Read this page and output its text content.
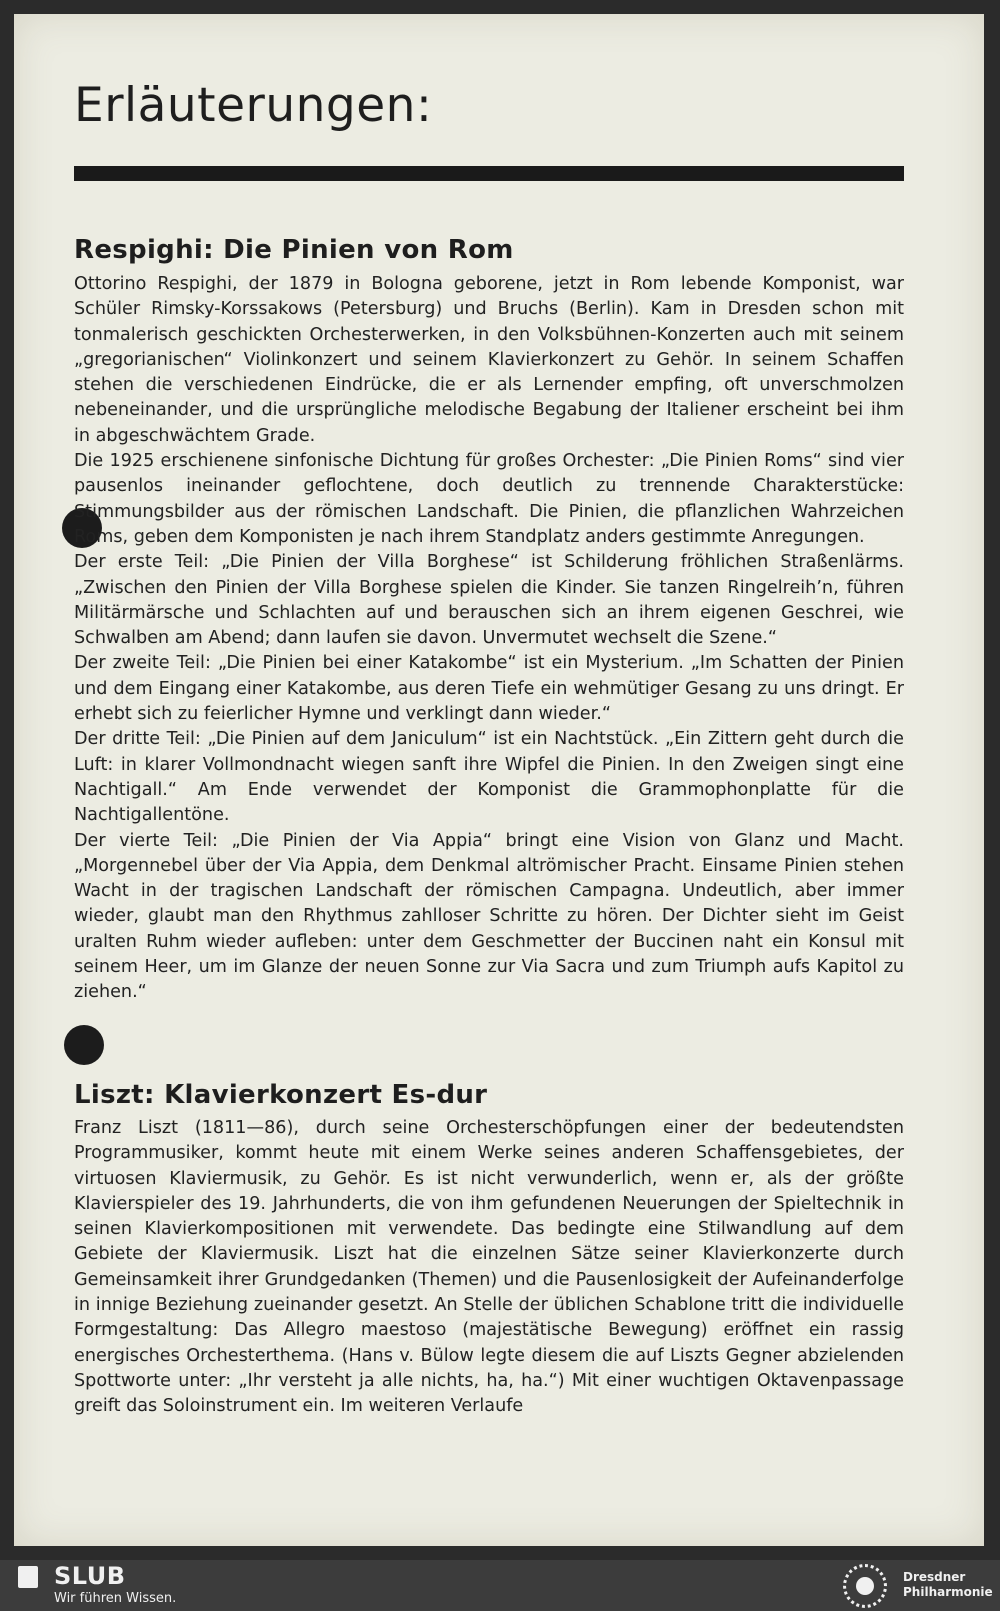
Erläuterungen:
Respighi: Die Pinien von Rom

Ottorino Respighi, der 1879 in Bologna geborene, jetzt in Rom lebende Komponist, war Schüler Rimsky-Korssakows (Petersburg) und Bruchs (Berlin). Kam in Dresden schon mit tonmalerisch geschickten Orchesterwerken, in den Volksbühnen-Konzerten auch mit seinem „gregorianischen“ Violinkonzert und seinem Klavierkonzert zu Gehör. In seinem Schaffen stehen die verschiedenen Eindrücke, die er als Lernender empfing, oft unverschmolzen nebeneinander, und die ursprüngliche melodische Begabung der Italiener erscheint bei ihm in abgeschwächtem Grade.

Die 1925 erschienene sinfonische Dichtung für großes Orchester: „Die Pinien Roms“ sind vier pausenlos ineinander geflochtene, doch deutlich zu trennende Charakterstücke: Stimmungsbilder aus der römischen Landschaft. Die Pinien, die pflanzlichen Wahrzeichen Roms, geben dem Komponisten je nach ihrem Standplatz anders gestimmte Anregungen.

Der erste Teil: „Die Pinien der Villa Borghese“ ist Schilderung fröhlichen Straßenlärms. „Zwischen den Pinien der Villa Borghese spielen die Kinder. Sie tanzen Ringelreih’n, führen Militärmärsche und Schlachten auf und berauschen sich an ihrem eigenen Geschrei, wie Schwalben am Abend; dann laufen sie davon. Unvermutet wechselt die Szene.“

Der zweite Teil: „Die Pinien bei einer Katakombe“ ist ein Mysterium. „Im Schatten der Pinien und dem Eingang einer Katakombe, aus deren Tiefe ein wehmütiger Gesang zu uns dringt. Er erhebt sich zu feierlicher Hymne und verklingt dann wieder.“

Der dritte Teil: „Die Pinien auf dem Janiculum“ ist ein Nachtstück. „Ein Zittern geht durch die Luft: in klarer Vollmondnacht wiegen sanft ihre Wipfel die Pinien. In den Zweigen singt eine Nachtigall.“ Am Ende verwendet der Komponist die Grammophonplatte für die Nachtigallentöne.

Der vierte Teil: „Die Pinien der Via Appia“ bringt eine Vision von Glanz und Macht. „Morgennebel über der Via Appia, dem Denkmal altrömischer Pracht. Einsame Pinien stehen Wacht in der tragischen Landschaft der römischen Campagna. Undeutlich, aber immer wieder, glaubt man den Rhythmus zahlloser Schritte zu hören. Der Dichter sieht im Geist uralten Ruhm wieder aufleben: unter dem Geschmetter der Buccinen naht ein Konsul mit seinem Heer, um im Glanze der neuen Sonne zur Via Sacra und zum Triumph aufs Kapitol zu ziehen.“

Liszt: Klavierkonzert Es-dur

Franz Liszt (1811—86), durch seine Orchesterschöpfungen einer der bedeutendsten Programmusiker, kommt heute mit einem Werke seines anderen Schaffensgebietes, der virtuosen Klaviermusik, zu Gehör. Es ist nicht verwunderlich, wenn er, als der größte Klavierspieler des 19. Jahrhunderts, die von ihm gefundenen Neuerungen der Spieltechnik in seinen Klavierkompositionen mit verwendete. Das bedingte eine Stilwandlung auf dem Gebiete der Klaviermusik. Liszt hat die einzelnen Sätze seiner Klavierkonzerte durch Gemeinsamkeit ihrer Grundgedanken (Themen) und die Pausenlosigkeit der Aufeinanderfolge in innige Beziehung zueinander gesetzt. An Stelle der üblichen Schablone tritt die individuelle Formgestaltung: Das Allegro maestoso (majestätische Bewegung) eröffnet ein rassig energisches Orchesterthema. (Hans v. Bülow legte diesem die auf Liszts Gegner abzielenden Spottworte unter: „Ihr versteht ja alle nichts, ha, ha.“) Mit einer wuchtigen Oktavenpassage greift das Soloinstrument ein. Im weiteren Verlaufe

SLUB
Wir führen Wissen.
Dresdner
Philharmonie
